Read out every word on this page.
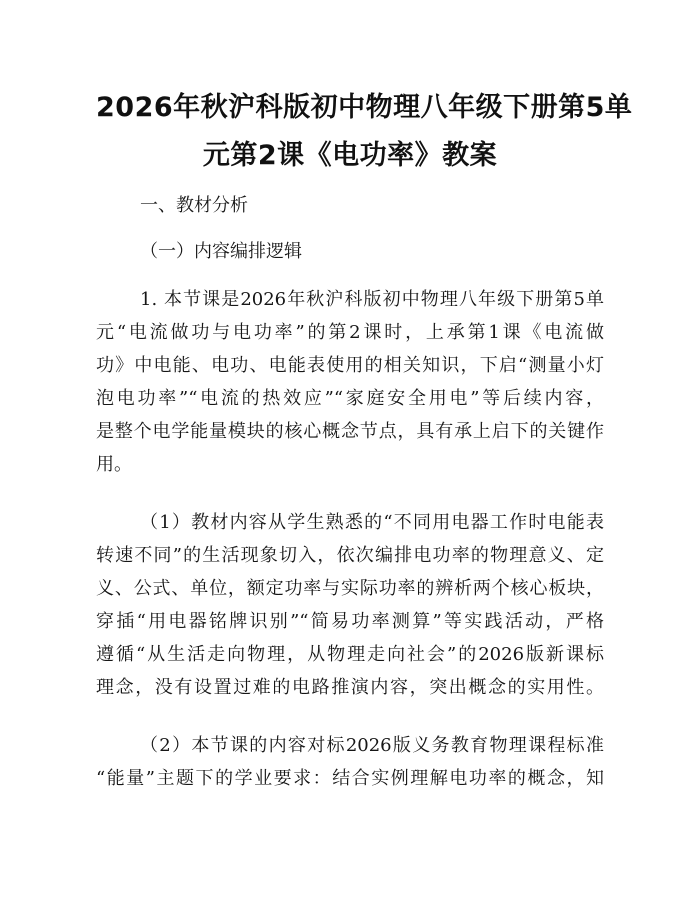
2026年秋沪科版初中物理八年级下册第5单
元第2课《电功率》教案
一、教材分析
（一）内容编排逻辑
1. 本节课是2026年秋沪科版初中物理八年级下册第5单
元“电流做功与电功率”的第2课时，上承第1课《电流做
功》中电能、电功、电能表使用的相关知识，下启“测量小灯
泡电功率”“电流的热效应”“家庭安全用电”等后续内容，
是整个电学能量模块的核心概念节点，具有承上启下的关键作
用。
（1）教材内容从学生熟悉的“不同用电器工作时电能表
转速不同”的生活现象切入，依次编排电功率的物理意义、定
义、公式、单位，额定功率与实际功率的辨析两个核心板块，
穿插“用电器铭牌识别”“简易功率测算”等实践活动，严格
遵循“从生活走向物理，从物理走向社会”的2026版新课标
理念，没有设置过难的电路推演内容，突出概念的实用性。
（2）本节课的内容对标2026版义务教育物理课程标准
“能量”主题下的学业要求：结合实例理解电功率的概念，知
